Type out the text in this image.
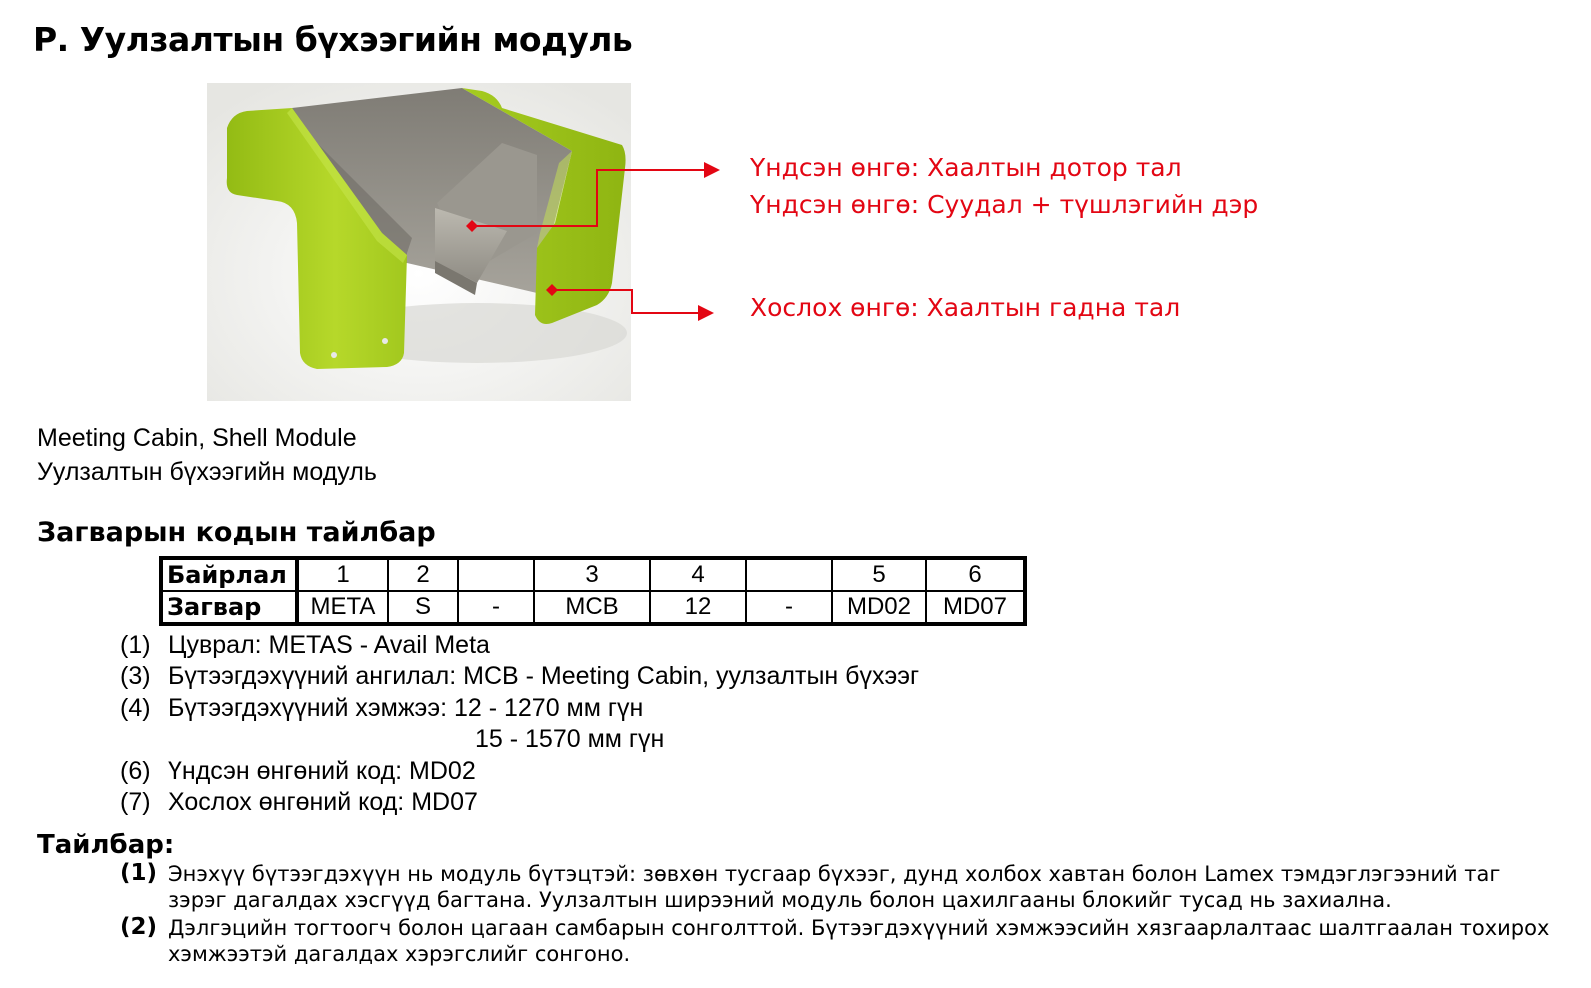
Р. Уулзалтын бүхээгийн модуль
Үндсэн өнгө: Хаалтын дотор тал
Үндсэн өнгө: Суудал + түшлэгийн дэр
Хослох өнгө: Хаалтын гадна тал
Meeting Cabin, Shell Module
Уулзалтын бүхээгийн модуль
Загварын кодын тайлбар
Байрлал	1	2		3	4		5	6
Загвар	META	S	-	MCB	12	-	MD02	MD07
(1) Цуврал: METAS - Avail Meta
(3) Бүтээгдэхүүний ангилал: MCB - Meeting Cabin, уулзалтын бүхээг
(4) Бүтээгдэхүүний хэмжээ: 12 - 1270 мм гүн
15 - 1570 мм гүн
(6) Үндсэн өнгөний код: MD02
(7) Хослох өнгөний код: MD07
Тайлбар:
(1) Энэхүү бүтээгдэхүүн нь модуль бүтэцтэй: зөвхөн тусгаар бүхээг, дунд холбох хавтан болон Lamex тэмдэглэгээний таг зэрэг дагалдах хэсгүүд багтана. Уулзалтын ширээний модуль болон цахилгааны блокийг тусад нь захиална.
(2) Дэлгэцийн тогтоогч болон цагаан самбарын сонголттой. Бүтээгдэхүүний хэмжээсийн хязгаарлалтаас шалтгаалан тохирох хэмжээтэй дагалдах хэрэгслийг сонгоно.
